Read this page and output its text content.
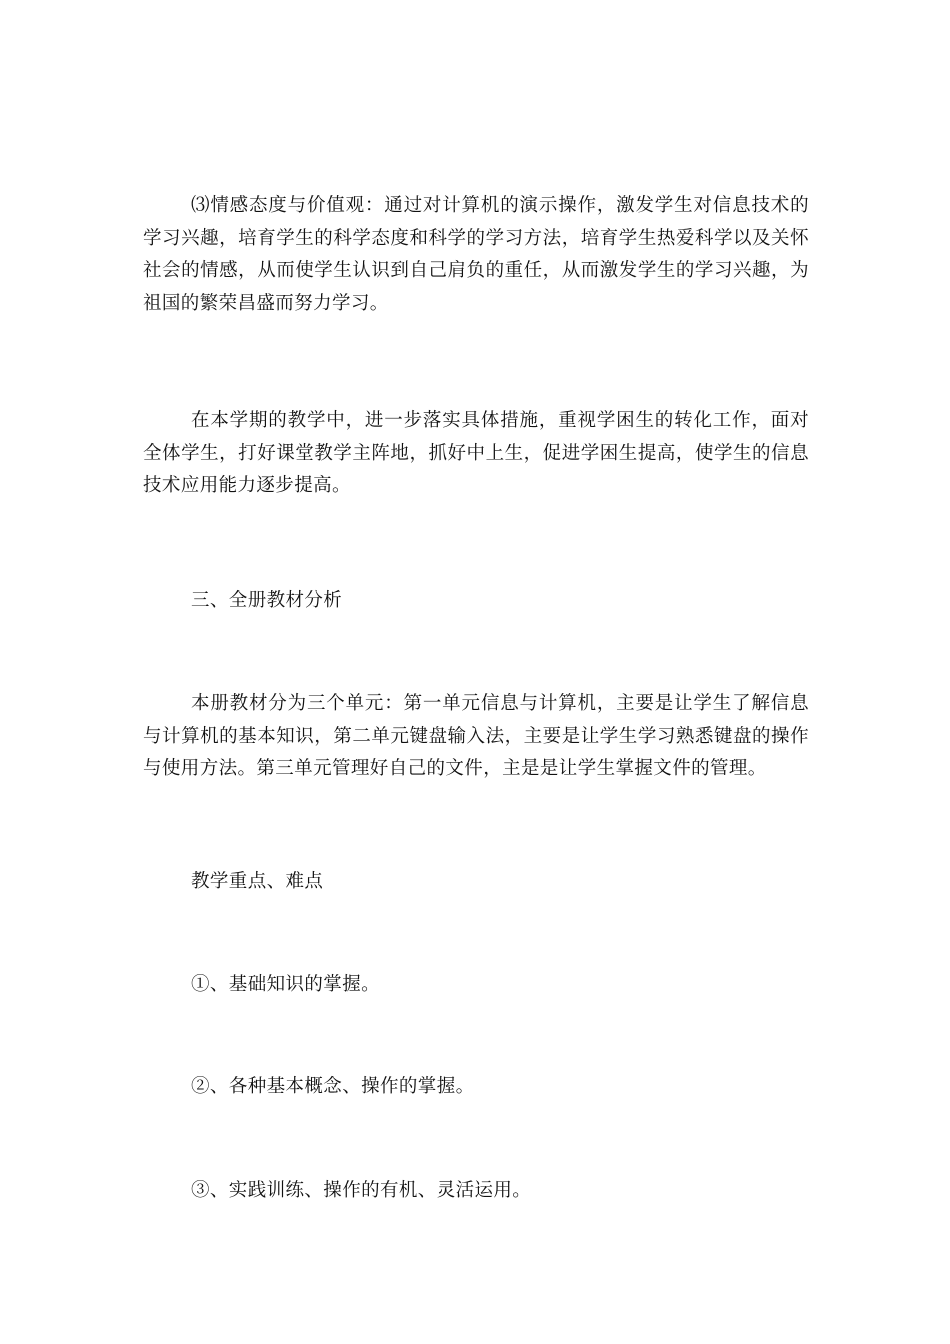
⑶情感态度与价值观：通过对计算机的演示操作，激发学生对信息技术的学习兴趣，培育学生的科学态度和科学的学习方法，培育学生热爱科学以及关怀社会的情感，从而使学生认识到自己肩负的重任，从而激发学生的学习兴趣，为祖国的繁荣昌盛而努力学习。

在本学期的教学中，进一步落实具体措施，重视学困生的转化工作，面对全体学生，打好课堂教学主阵地，抓好中上生，促进学困生提高，使学生的信息技术应用能力逐步提高。

三、全册教材分析

本册教材分为三个单元：第一单元信息与计算机，主要是让学生了解信息与计算机的基本知识，第二单元键盘输入法，主要是让学生学习熟悉键盘的操作与使用方法。第三单元管理好自己的文件，主是是让学生掌握文件的管理。

教学重点、难点

①、基础知识的掌握。

②、各种基本概念、操作的掌握。

③、实践训练、操作的有机、灵活运用。
